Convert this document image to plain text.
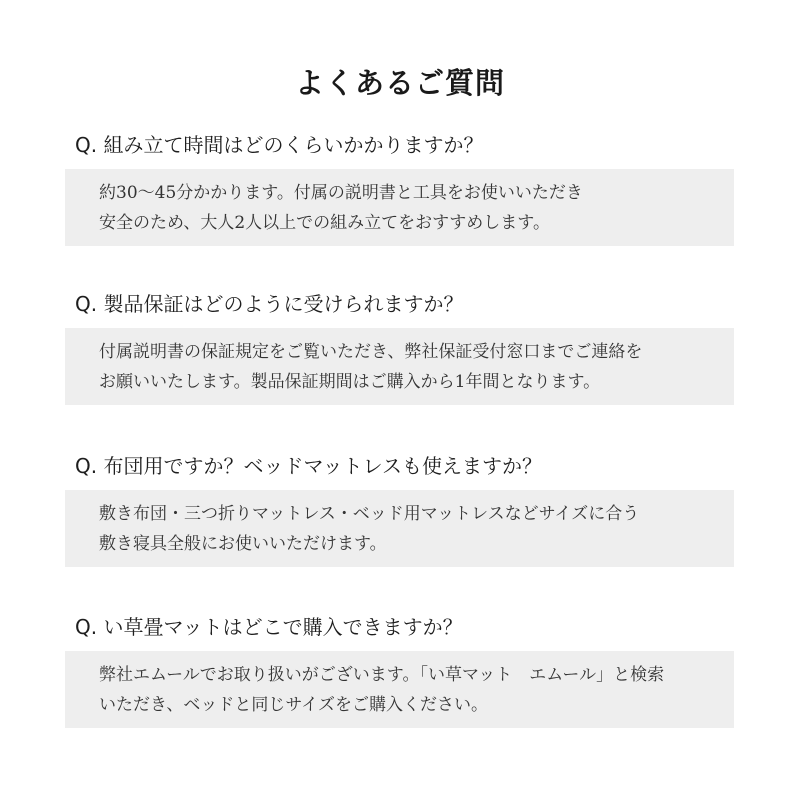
よくあるご質問
Q. 組み立て時間はどのくらいかかりますか？
約30～45分かかります。付属の説明書と工具をお使いいただき
安全のため、大人2人以上での組み立てをおすすめします。
Q. 製品保証はどのように受けられますか？
付属説明書の保証規定をご覧いただき、弊社保証受付窓口までご連絡を
お願いいたします。製品保証期間はご購入から1年間となります。
Q. 布団用ですか？ベッドマットレスも使えますか？
敷き布団・三つ折りマットレス・ベッド用マットレスなどサイズに合う
敷き寝具全般にお使いいただけます。
Q. い草畳マットはどこで購入できますか？
弊社エムールでお取り扱いがございます。「い草マット　エムール」と検索
いただき、ベッドと同じサイズをご購入ください。
